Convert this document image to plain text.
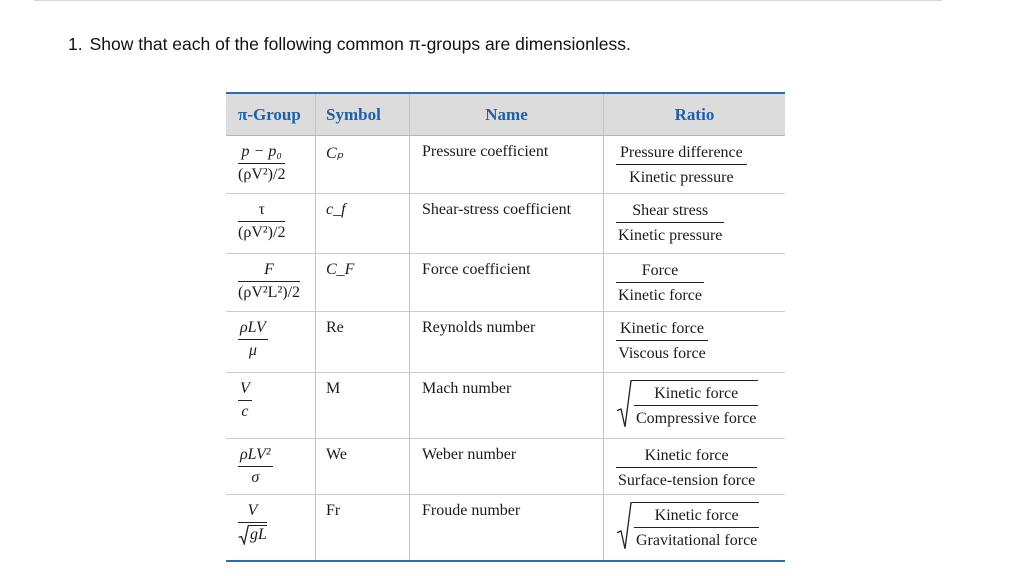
1. Show that each of the following common π-groups are dimensionless.
π-Group	Symbol	Name	Ratio
$\frac{\text{p − p₀}}{\text{(ρV²)/2}}$	Cₚ	Pressure coefficient	$\frac{\text{Pressure difference}}{\text{Kinetic pressure}}$
$\frac{\tau}{\text{(ρV²)/2}}$	c_f	Shear-stress coefficient	$\frac{\text{Shear stress}}{\text{Kinetic pressure}}$
$\frac{F}{\text{(ρV²L²)/2}}$	C_F	Force coefficient	$\frac{\text{Force}}{\text{Kinetic force}}$
$\frac{\text{ρLV}}{\mu}$	Re	Reynolds number	$\frac{\text{Kinetic force}}{\text{Viscous force}}$
$\frac{V}{c}$	M	Mach number	$\frac{\text{Kinetic force}}{\text{Compressive force}}$
$\frac{\text{ρLV²}}{\sigma}$	We	Weber number	$\frac{\text{Kinetic force}}{\text{Surface-tension force}}$
$\frac{V}{gL}$	Fr	Froude number	$\frac{\text{Kinetic force}}{\text{Gravitational force}}$
